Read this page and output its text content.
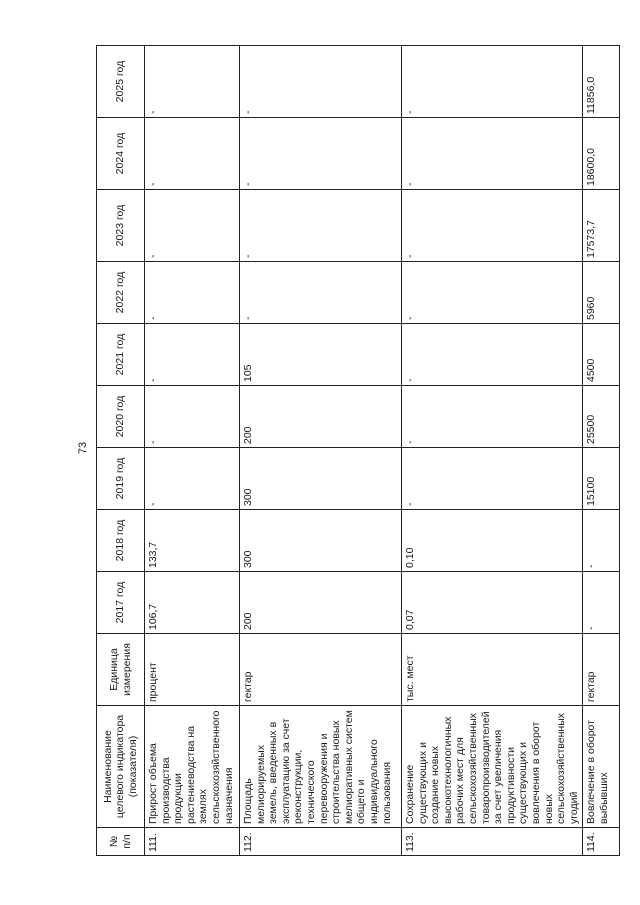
73
№ п/п	Наименование целевого индикатора (показателя)	Единица измерения	2017 год	2018 год	2019 год	2020 год	2021 год	2022 год	2023 год	2024 год	2025 год
111.	Прирост объема производства продукции растениеводства на землях сельскохозяйственного назначения	процент	106,7	133,7	-	-	-	-	-	-	-
112.	Площадь мелиорируемых земель, введенных в эксплуатацию за счет реконструкции, технического перевооружения и строительства новых мелиоративных систем общего и индивидуального пользования	гектар	200	300	300	200	105	-	-	-	-
113.	Сохранение существующих и создание новых высокотехнологичных рабочих мест для сельскохозяйственных товаропроизводителей за счет увеличения продуктивности существующих и вовлечения в оборот новых сельскохозяйственных угодий	тыс. мест	0,07	0,10	-	-	-	-	-	-	-
114.	Вовлечение в оборот выбывших	гектар	-	-	15100	25500	4500	5960	17573,7	18600,0	11856,0
